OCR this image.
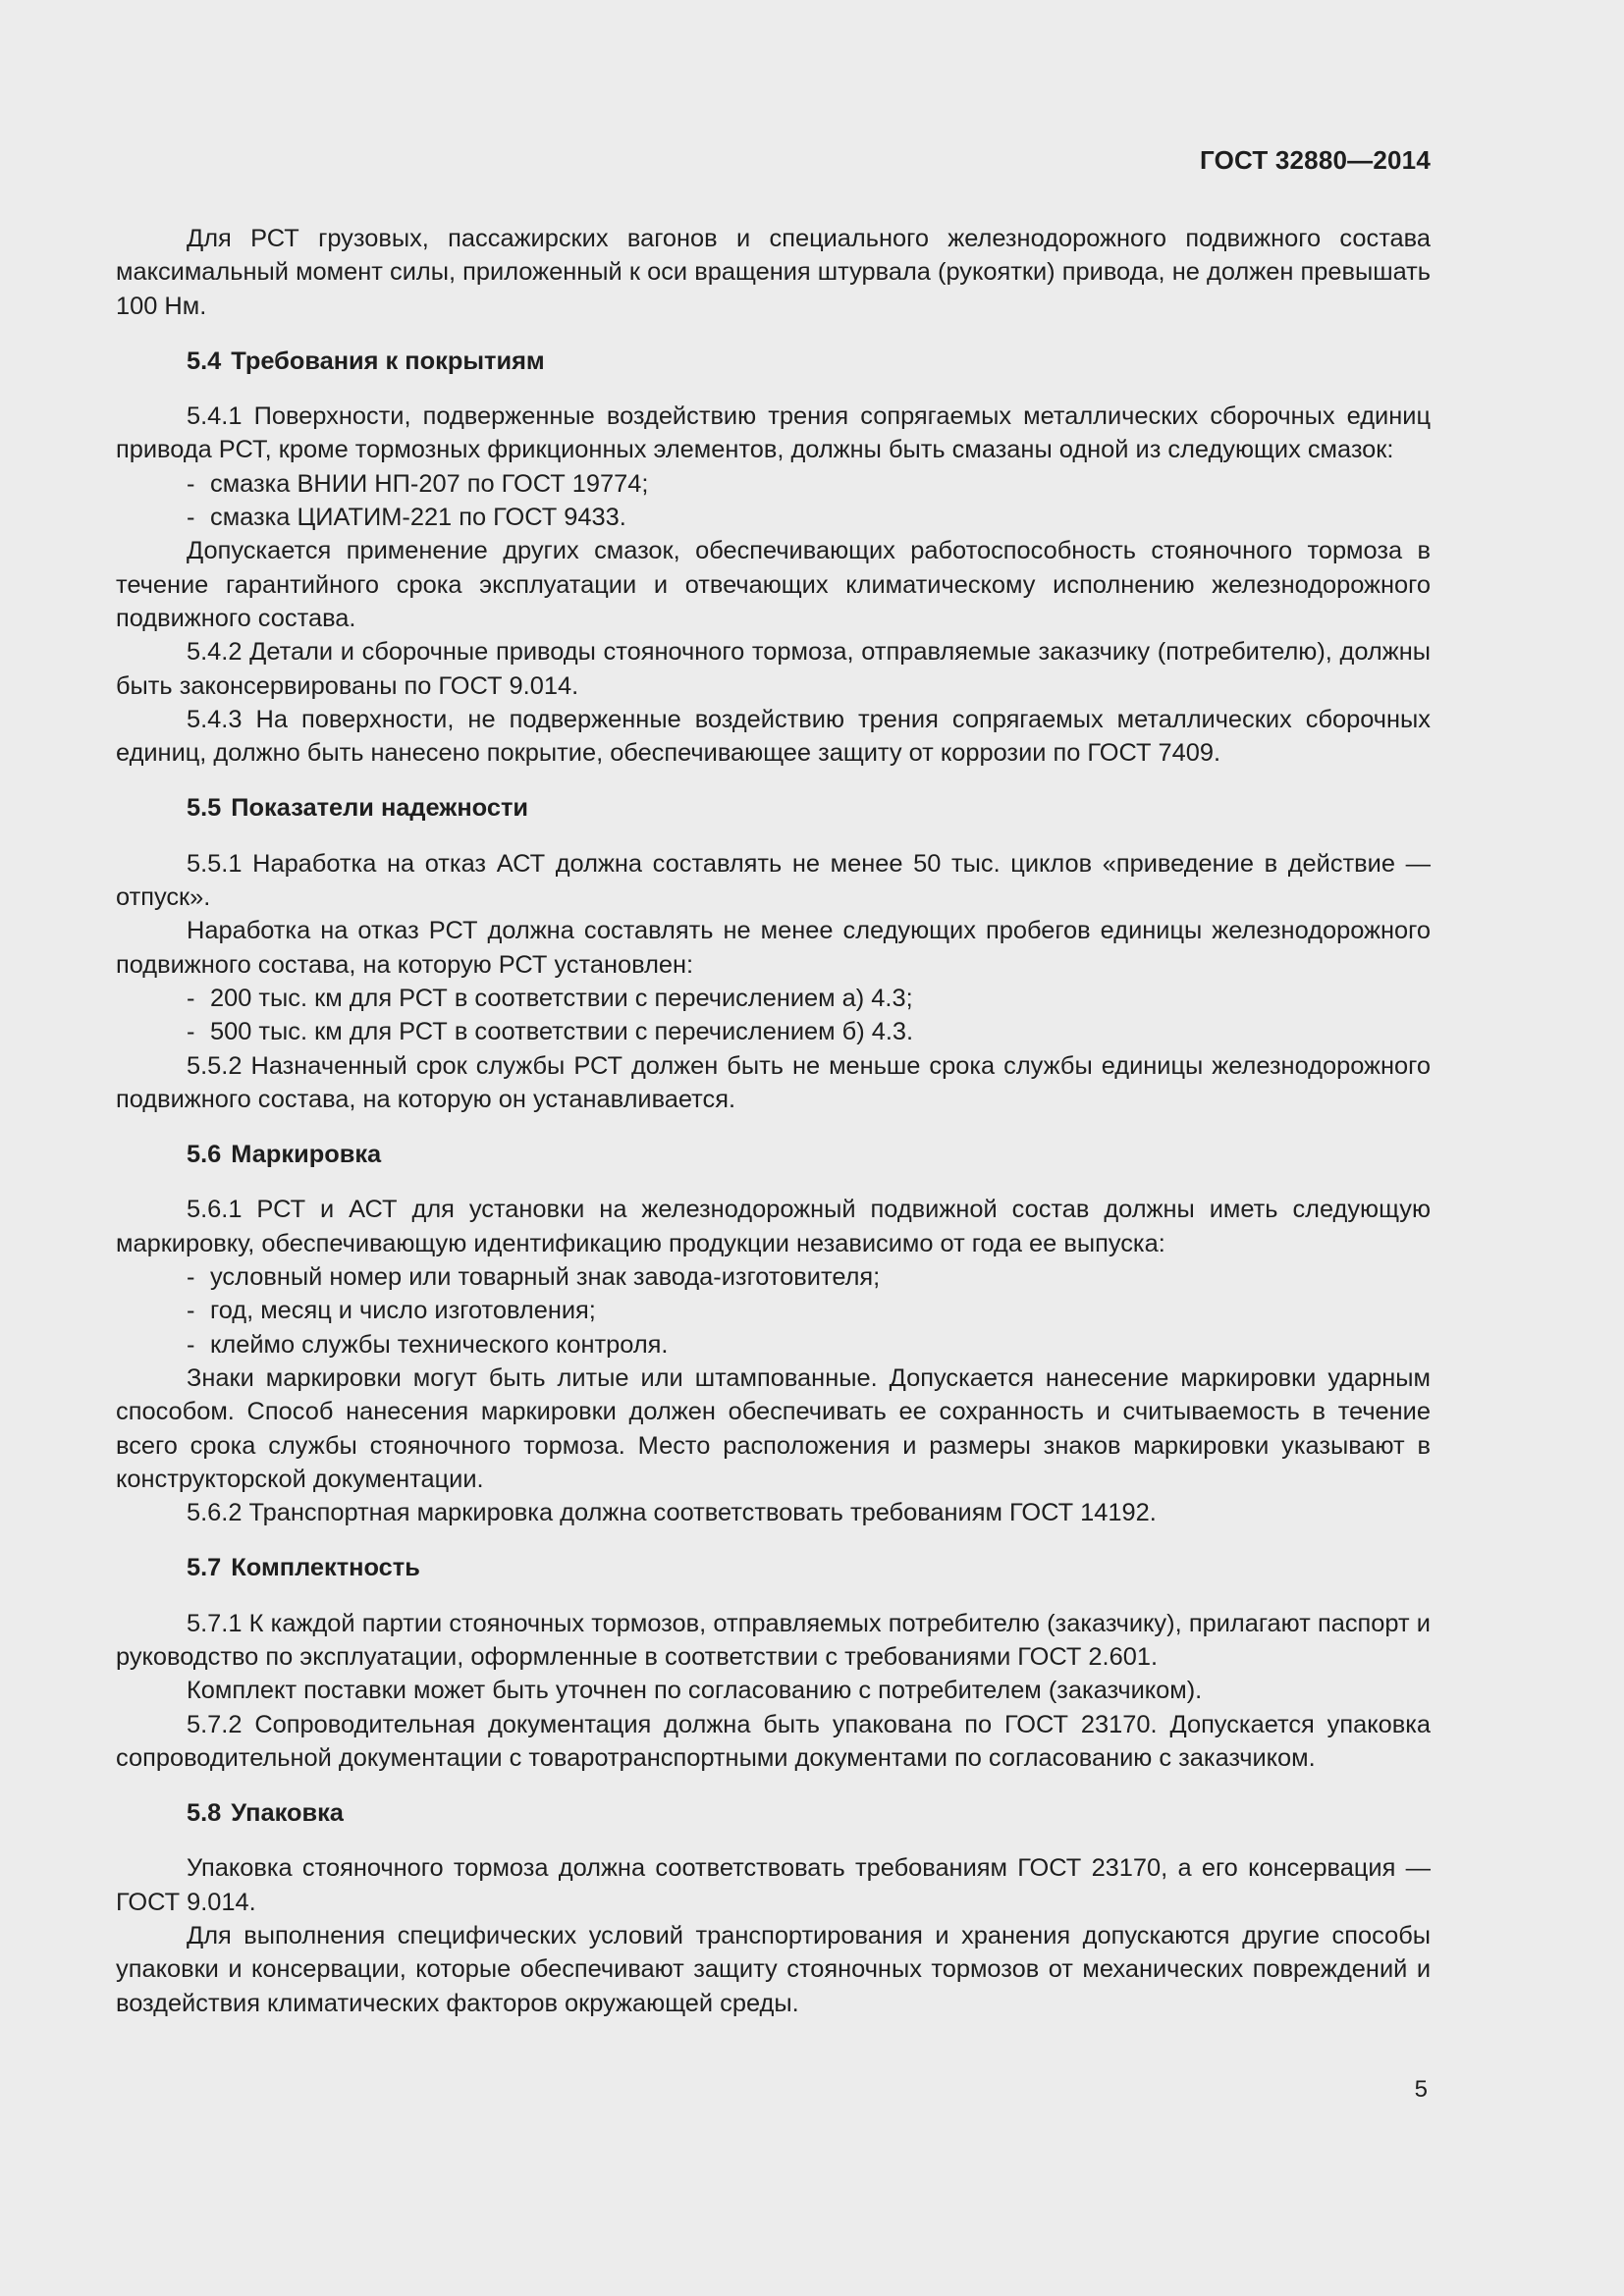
ГОСТ 32880—2014

Для РСТ грузовых, пассажирских вагонов и специального железнодорожного подвижного состава максимальный момент силы, приложенный к оси вращения штурвала (рукоятки) привода, не должен превышать 100 Нм.

5.4 Требования к покрытиям

5.4.1 Поверхности, подверженные воздействию трения сопрягаемых металлических сборочных единиц привода РСТ, кроме тормозных фрикционных элементов, должны быть смазаны одной из следующих смазок:

- смазка ВНИИ НП-207 по ГОСТ 19774;
- смазка ЦИАТИМ-221 по ГОСТ 9433.

Допускается применение других смазок, обеспечивающих работоспособность стояночного тормоза в течение гарантийного срока эксплуатации и отвечающих климатическому исполнению железнодорожного подвижного состава.

5.4.2 Детали и сборочные приводы стояночного тормоза, отправляемые заказчику (потребителю), должны быть законсервированы по ГОСТ 9.014.

5.4.3 На поверхности, не подверженные воздействию трения сопрягаемых металлических сборочных единиц, должно быть нанесено покрытие, обеспечивающее защиту от коррозии по ГОСТ 7409.

5.5 Показатели надежности

5.5.1 Наработка на отказ АСТ должна составлять не менее 50 тыс. циклов «приведение в действие — отпуск».

Наработка на отказ РСТ должна составлять не менее следующих пробегов единицы железнодорожного подвижного состава, на которую РСТ установлен:

- 200 тыс. км для РСТ в соответствии с перечислением а) 4.3;
- 500 тыс. км для РСТ в соответствии с перечислением б) 4.3.

5.5.2 Назначенный срок службы РСТ должен быть не меньше срока службы единицы железнодорожного подвижного состава, на которую он устанавливается.

5.6 Маркировка

5.6.1 РСТ и АСТ для установки на железнодорожный подвижной состав должны иметь следующую маркировку, обеспечивающую идентификацию продукции независимо от года ее выпуска:

- условный номер или товарный знак завода-изготовителя;
- год, месяц и число изготовления;
- клеймо службы технического контроля.

Знаки маркировки могут быть литые или штампованные. Допускается нанесение маркировки ударным способом. Способ нанесения маркировки должен обеспечивать ее сохранность и считываемость в течение всего срока службы стояночного тормоза. Место расположения и размеры знаков маркировки указывают в конструкторской документации.

5.6.2 Транспортная маркировка должна соответствовать требованиям ГОСТ 14192.

5.7 Комплектность

5.7.1 К каждой партии стояночных тормозов, отправляемых потребителю (заказчику), прилагают паспорт и руководство по эксплуатации, оформленные в соответствии с требованиями ГОСТ 2.601.

Комплект поставки может быть уточнен по согласованию с потребителем (заказчиком).

5.7.2 Сопроводительная документация должна быть упакована по ГОСТ 23170. Допускается упаковка сопроводительной документации с товаротранспортными документами по согласованию с заказчиком.

5.8 Упаковка

Упаковка стояночного тормоза должна соответствовать требованиям ГОСТ 23170, а его консервация — ГОСТ 9.014.

Для выполнения специфических условий транспортирования и хранения допускаются другие способы упаковки и консервации, которые обеспечивают защиту стояночных тормозов от механических повреждений и воздействия климатических факторов окружающей среды.

5
